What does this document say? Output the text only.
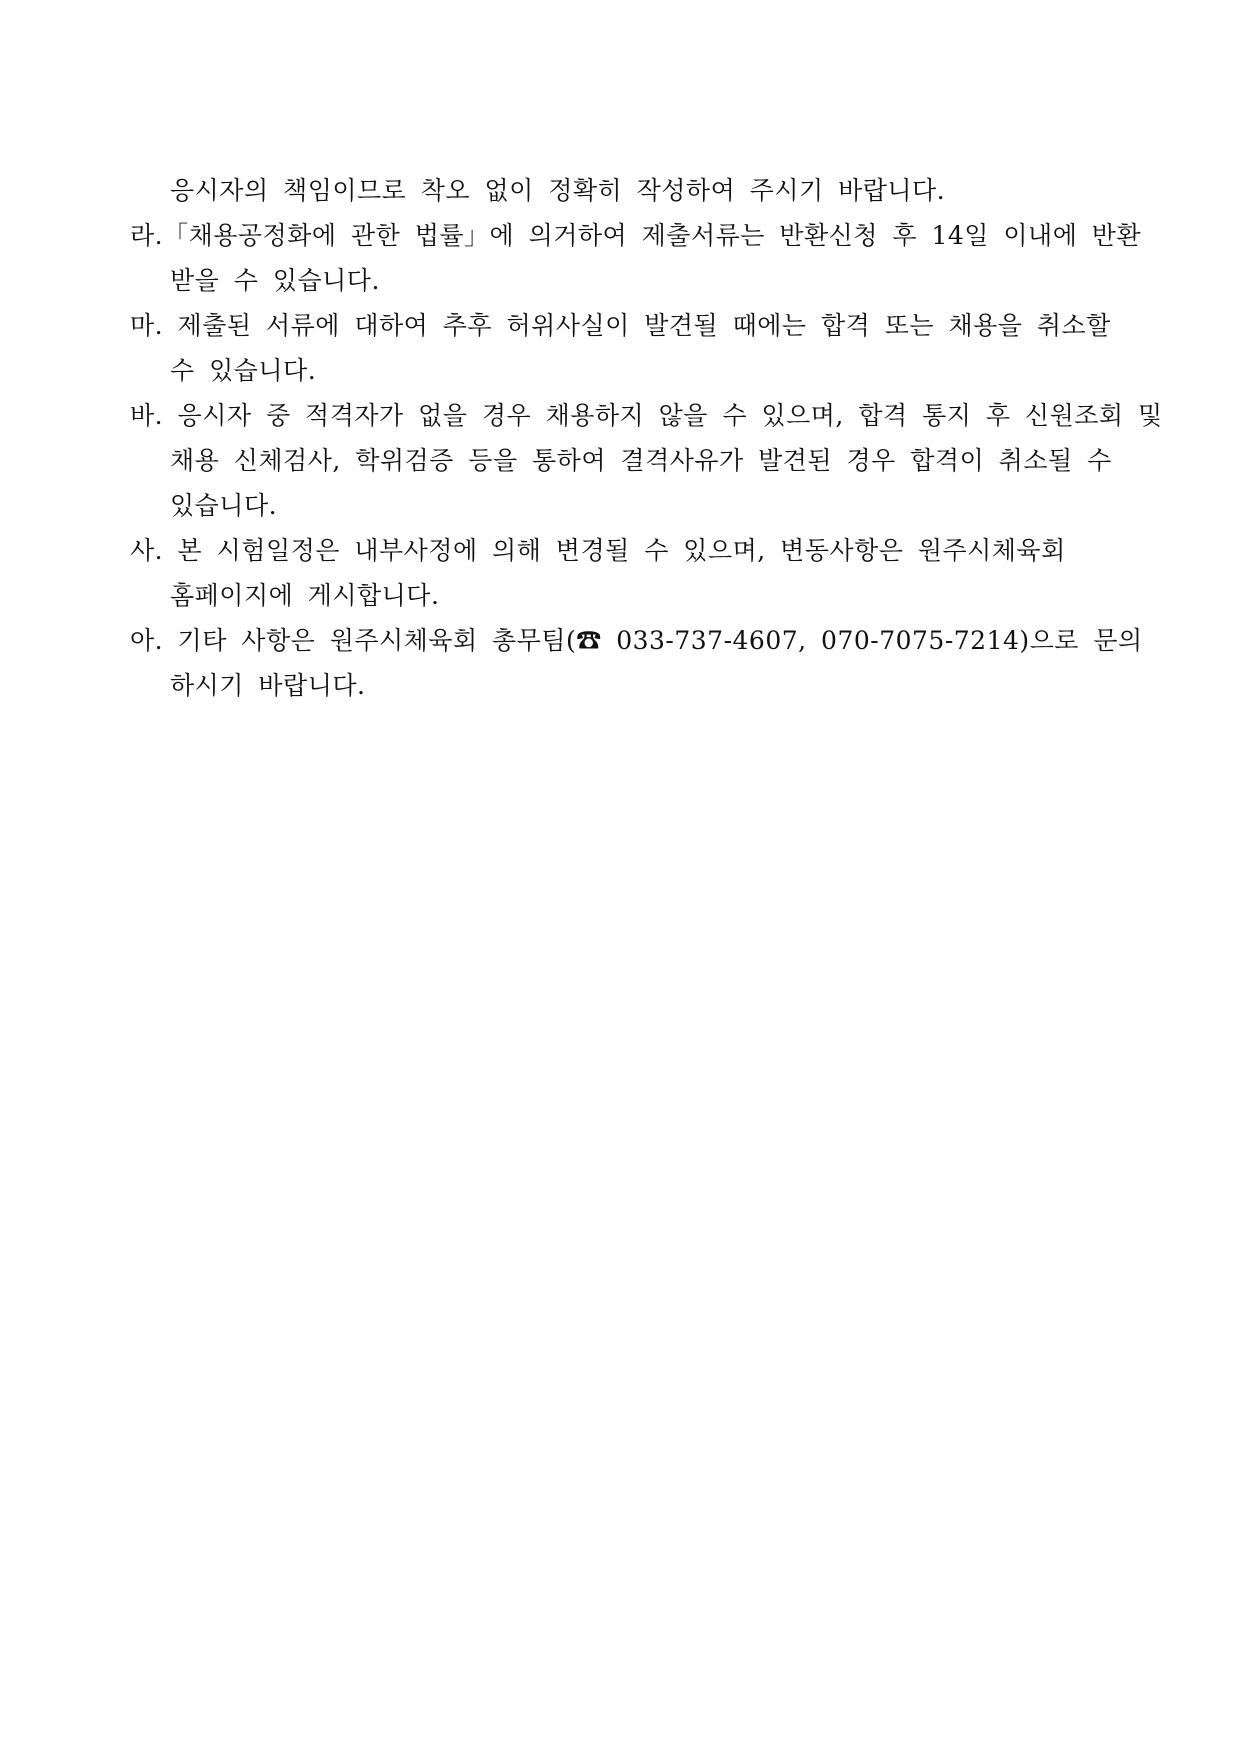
응시자의 책임이므로 착오 없이 정확히 작성하여 주시기 바랍니다.
라.「채용공정화에 관한 법률」에 의거하여 제출서류는 반환신청 후 14일 이내에 반환
받을 수 있습니다.
마. 제출된 서류에 대하여 추후 허위사실이 발견될 때에는 합격 또는 채용을 취소할
수 있습니다.
바. 응시자 중 적격자가 없을 경우 채용하지 않을 수 있으며, 합격 통지 후 신원조회 및
채용 신체검사, 학위검증 등을 통하여 결격사유가 발견된 경우 합격이 취소될 수
있습니다.
사. 본 시험일정은 내부사정에 의해 변경될 수 있으며, 변동사항은 원주시체육회
홈페이지에 게시합니다.
아. 기타 사항은 원주시체육회 총무팀(☎ 033-737-4607, 070-7075-7214)으로 문의
하시기 바랍니다.
